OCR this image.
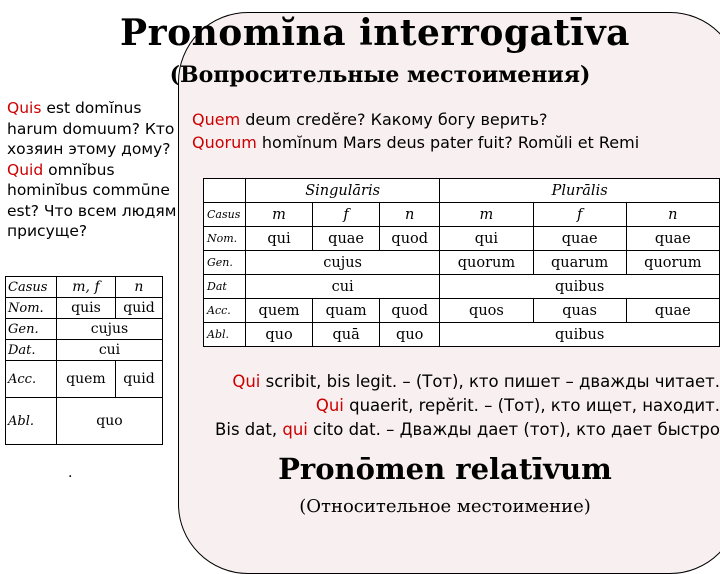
Pronomĭna interrogatīva
(Вопросительные местоимения)
Quis est domĭnus harum domuum? Кто хозяин этому дому?
Quid omnĭbus hominĭbus commūne est? Что всем людям присуще?
Quem deum credĕre? Какому богу верить?
Quorum homĭnum Mars deus pater fuit? Romŭli et Remi
Casus	m, f	n
Nom.	quis	quid
Gen.	cujus	
Dat.	cui	
Acc.	quem	quid
Abl.	quo	
	Singulāris			Plurālis		
Casus	m	f	n	m	f	n
Nom.	qui	quae	quod	qui	quae	quae
Gen.	cujus			quorum	quarum	quorum
Dat	cui			quibus		
Acc.	quem	quam	quod	quos	quas	quae
Abl.	quo	quā	quo	quibus		
Qui scribit, bis legit. – (Тот), кто пишет – дважды читает.
Qui quaerit, repĕrit. – (Тот), кто ищет, находит.
Bis dat, qui cito dat. – Дважды дает (тот), кто дает быстро
.	Pronōmen relatīvum
(Относительное местоимение)
